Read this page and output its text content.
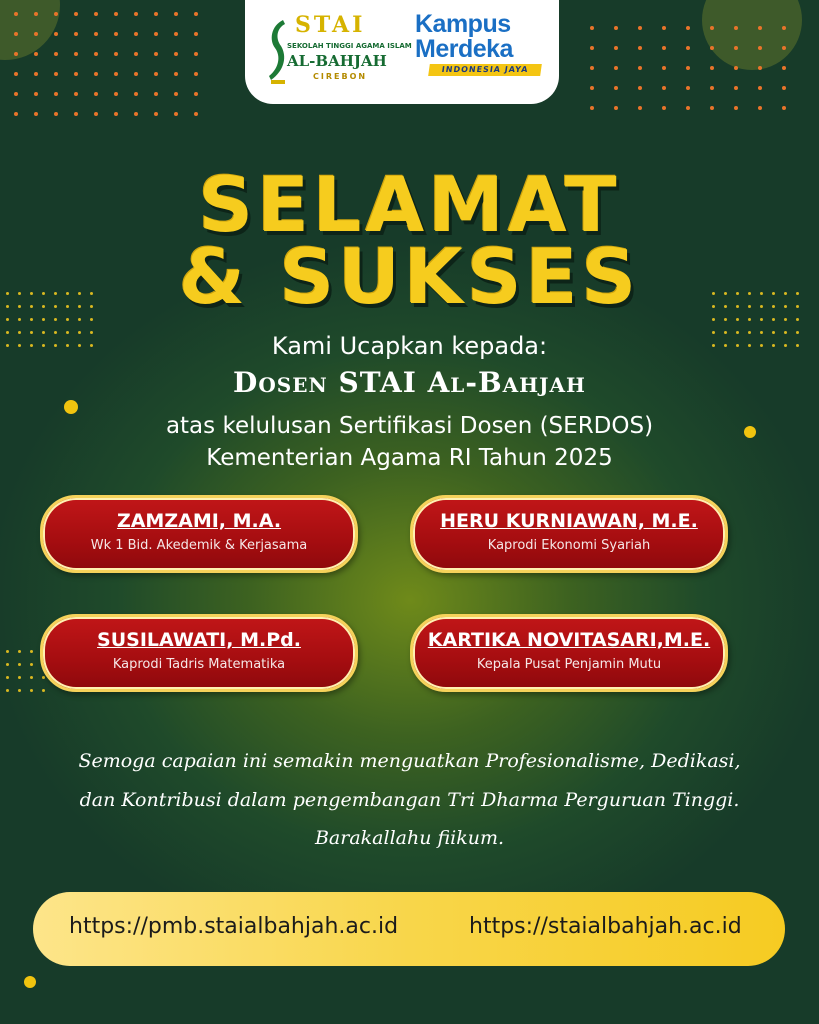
STAI
SEKOLAH TINGGI AGAMA ISLAM
AL-BAHJAH
CIREBON
Kampus
Merdeka
INDONESIA JAYA
SELAMAT
& SUKSES
Kami Ucapkan kepada:
Dosen STAI Al-Bahjah
atas kelulusan Sertifikasi Dosen (SERDOS)
Kementerian Agama RI Tahun 2025
ZAMZAMI, M.A.
Wk 1 Bid. Akedemik & Kerjasama
HERU KURNIAWAN, M.E.
Kaprodi Ekonomi Syariah
SUSILAWATI, M.Pd.
Kaprodi Tadris Matematika
KARTIKA NOVITASARI,M.E.
Kepala Pusat Penjamin Mutu
Semoga capaian ini semakin menguatkan Profesionalisme, Dedikasi,
dan Kontribusi dalam pengembangan Tri Dharma Perguruan Tinggi.
Barakallahu fiikum.
https://pmb.staialbahjah.ac.id	https://staialbahjah.ac.id
